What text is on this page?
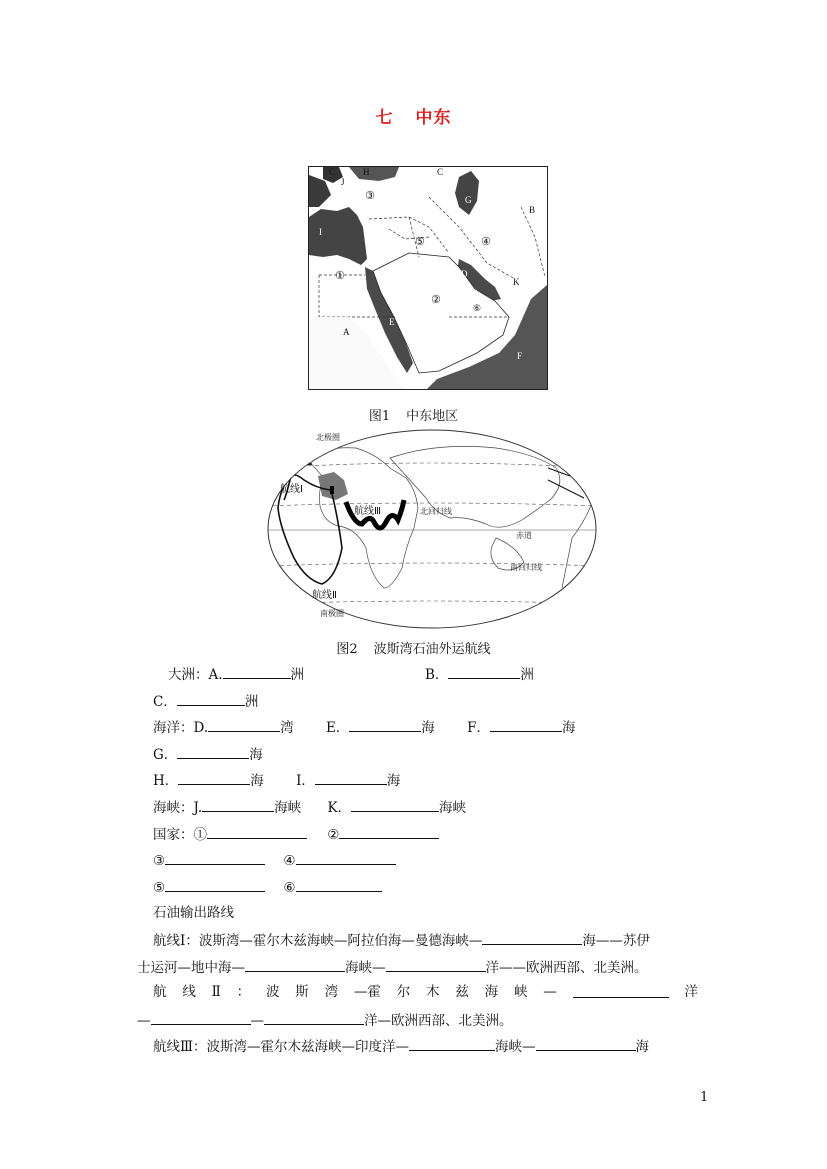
七 中东
C
J
H	C
B
I
G
D
K
E
F
A
①
②
③
④
⑤
⑥
图1 中东地区
北极圈
北回归线
赤道
南回归线
南极圈
航线Ⅰ
航线Ⅲ
航线Ⅱ
图2 波斯湾石油外运航线
大洲：A.	洲	B．	洲
C．	洲
海洋：D.	湾 E．	海 F．	海
G．	海
H．	海 I．	海
海峡：J.	海峡 K．	海峡
国家：①	②
③	④
⑤	⑥
石油输出路线
航线Ⅰ：波斯湾—霍尔木兹海峡—阿拉伯海—曼德海峡—	海——苏伊
士运河—地中海—	海峡—	洋——欧洲西部、北美洲。
航 线 Ⅱ ： 波 斯 湾 —霍 尔 木 兹 海 峡 —	洋
—	—	洋—欧洲西部、北美洲。
航线Ⅲ：波斯湾—霍尔木兹海峡—印度洋—	海峡—	海
1
